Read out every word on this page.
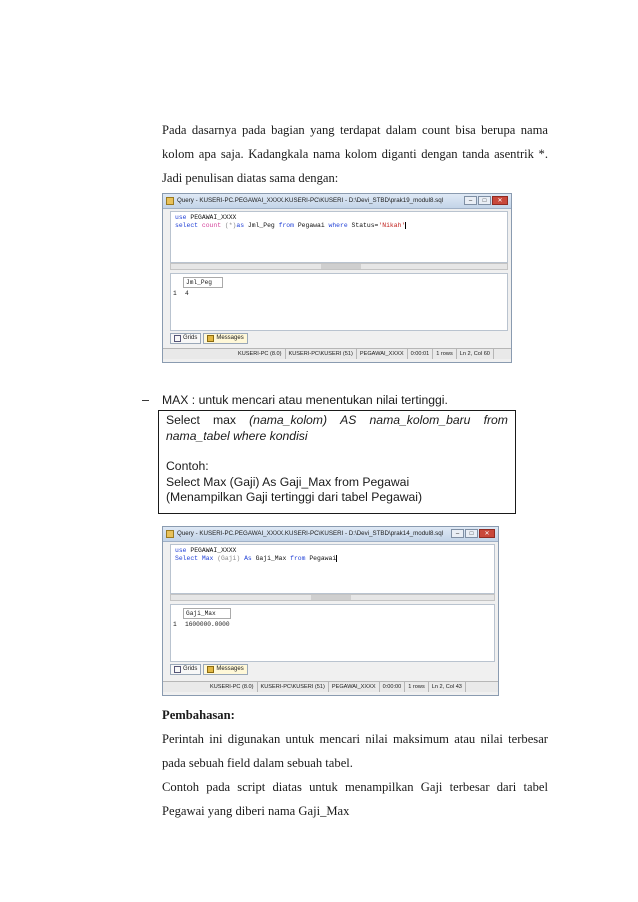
Pada dasarnya pada bagian yang terdapat dalam count bisa berupa nama
kolom apa saja. Kadangkala nama kolom diganti dengan tanda asentrik *.
Jadi penulisan diatas sama dengan:
Query - KUSERI-PC.PEGAWAI_XXXX.KUSERI-PC\KUSERI - D:\Devi_STBD\prak19_modul8.sql	–	□	✕
use PEGAWAI_XXXX
select count (*)as Jml_Peg from Pegawai where Status='Nikah'
Jml_Peg
1 4
Grids	Messages
KUSERI-PC (8.0)	KUSERI-PC\KUSERI (51)	PEGAWAI_XXXX	0:00:01	1 rows	Ln 2, Col 60
– MAX : untuk mencari atau menentukan nilai tertinggi.
Select max (nama_kolom) AS nama_kolom_baru from
nama_tabel where kondisi
Contoh:
Select Max (Gaji) As Gaji_Max from Pegawai
(Menampilkan Gaji tertinggi dari tabel Pegawai)
Query - KUSERI-PC.PEGAWAI_XXXX.KUSERI-PC\KUSERI - D:\Devi_STBD\prak14_modul8.sql	–	□	✕
use PEGAWAI_XXXX
Select Max (Gaji) As Gaji_Max from Pegawai
Gaji_Max
1 1600000.0000
Grids	Messages
KUSERI-PC (8.0)	KUSERI-PC\KUSERI (51)	PEGAWAI_XXXX	0:00:00	1 rows	Ln 2, Col 43
Pembahasan:
Perintah ini digunakan untuk mencari nilai maksimum atau nilai terbesar
pada sebuah field dalam sebuah tabel.
Contoh pada script diatas untuk menampilkan Gaji terbesar dari tabel
Pegawai yang diberi nama Gaji_Max
